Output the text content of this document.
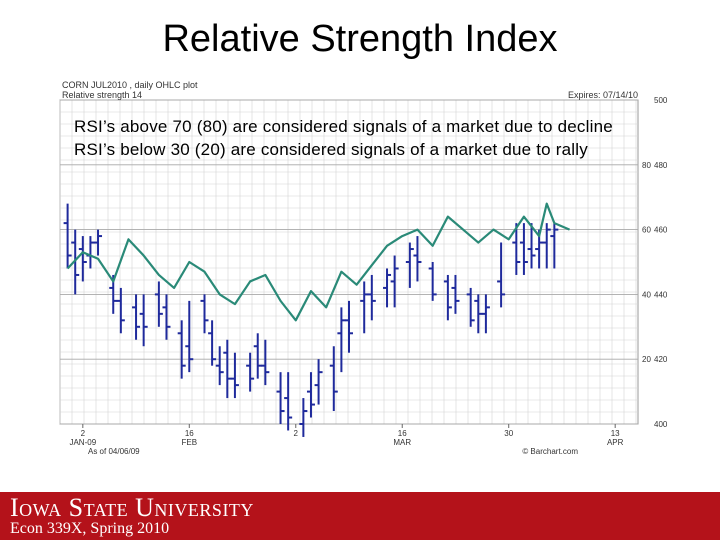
Relative Strength Index
CORN JUL2010 , daily OHLC plot
Relative strength 14	Expires: 07/14/10
500
80 480
60 460
40 440
20 420
400
2
JAN-09
16
FEB
2	16
MAR
30	13
APR
As of 04/06/09	© Barchart.com
RSI’s above 70 (80) are considered signals of a market due to decline
RSI’s below 30 (20) are considered signals of a market due to rally
Iowa State University
Econ 339X, Spring 2010
